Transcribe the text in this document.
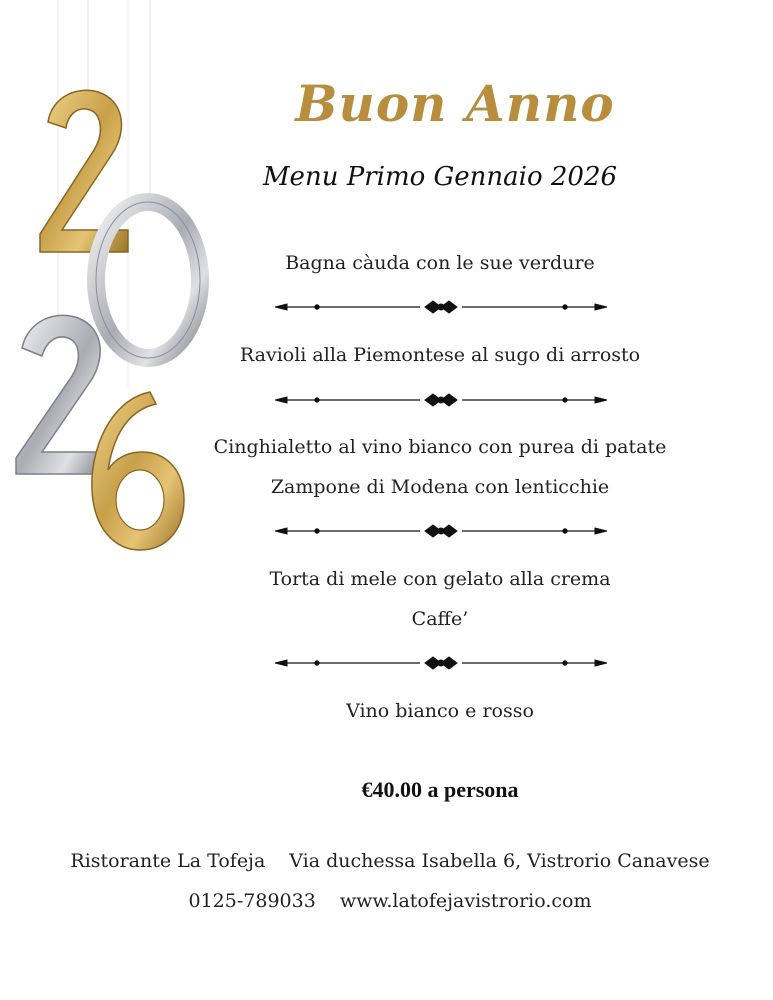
Buon Anno
Menu Primo Gennaio 2026
Bagna càuda con le sue verdure
Ravioli alla Piemontese al sugo di arrosto
Cinghialetto al vino bianco con purea di patate
Zampone di Modena con lenticchie
Torta di mele con gelato alla crema
Caffe’
Vino bianco e rosso
€40.00 a persona
Ristorante La Tofeja Via duchessa Isabella 6, Vistrorio Canavese
0125-789033 www.latofejavistrorio.com
